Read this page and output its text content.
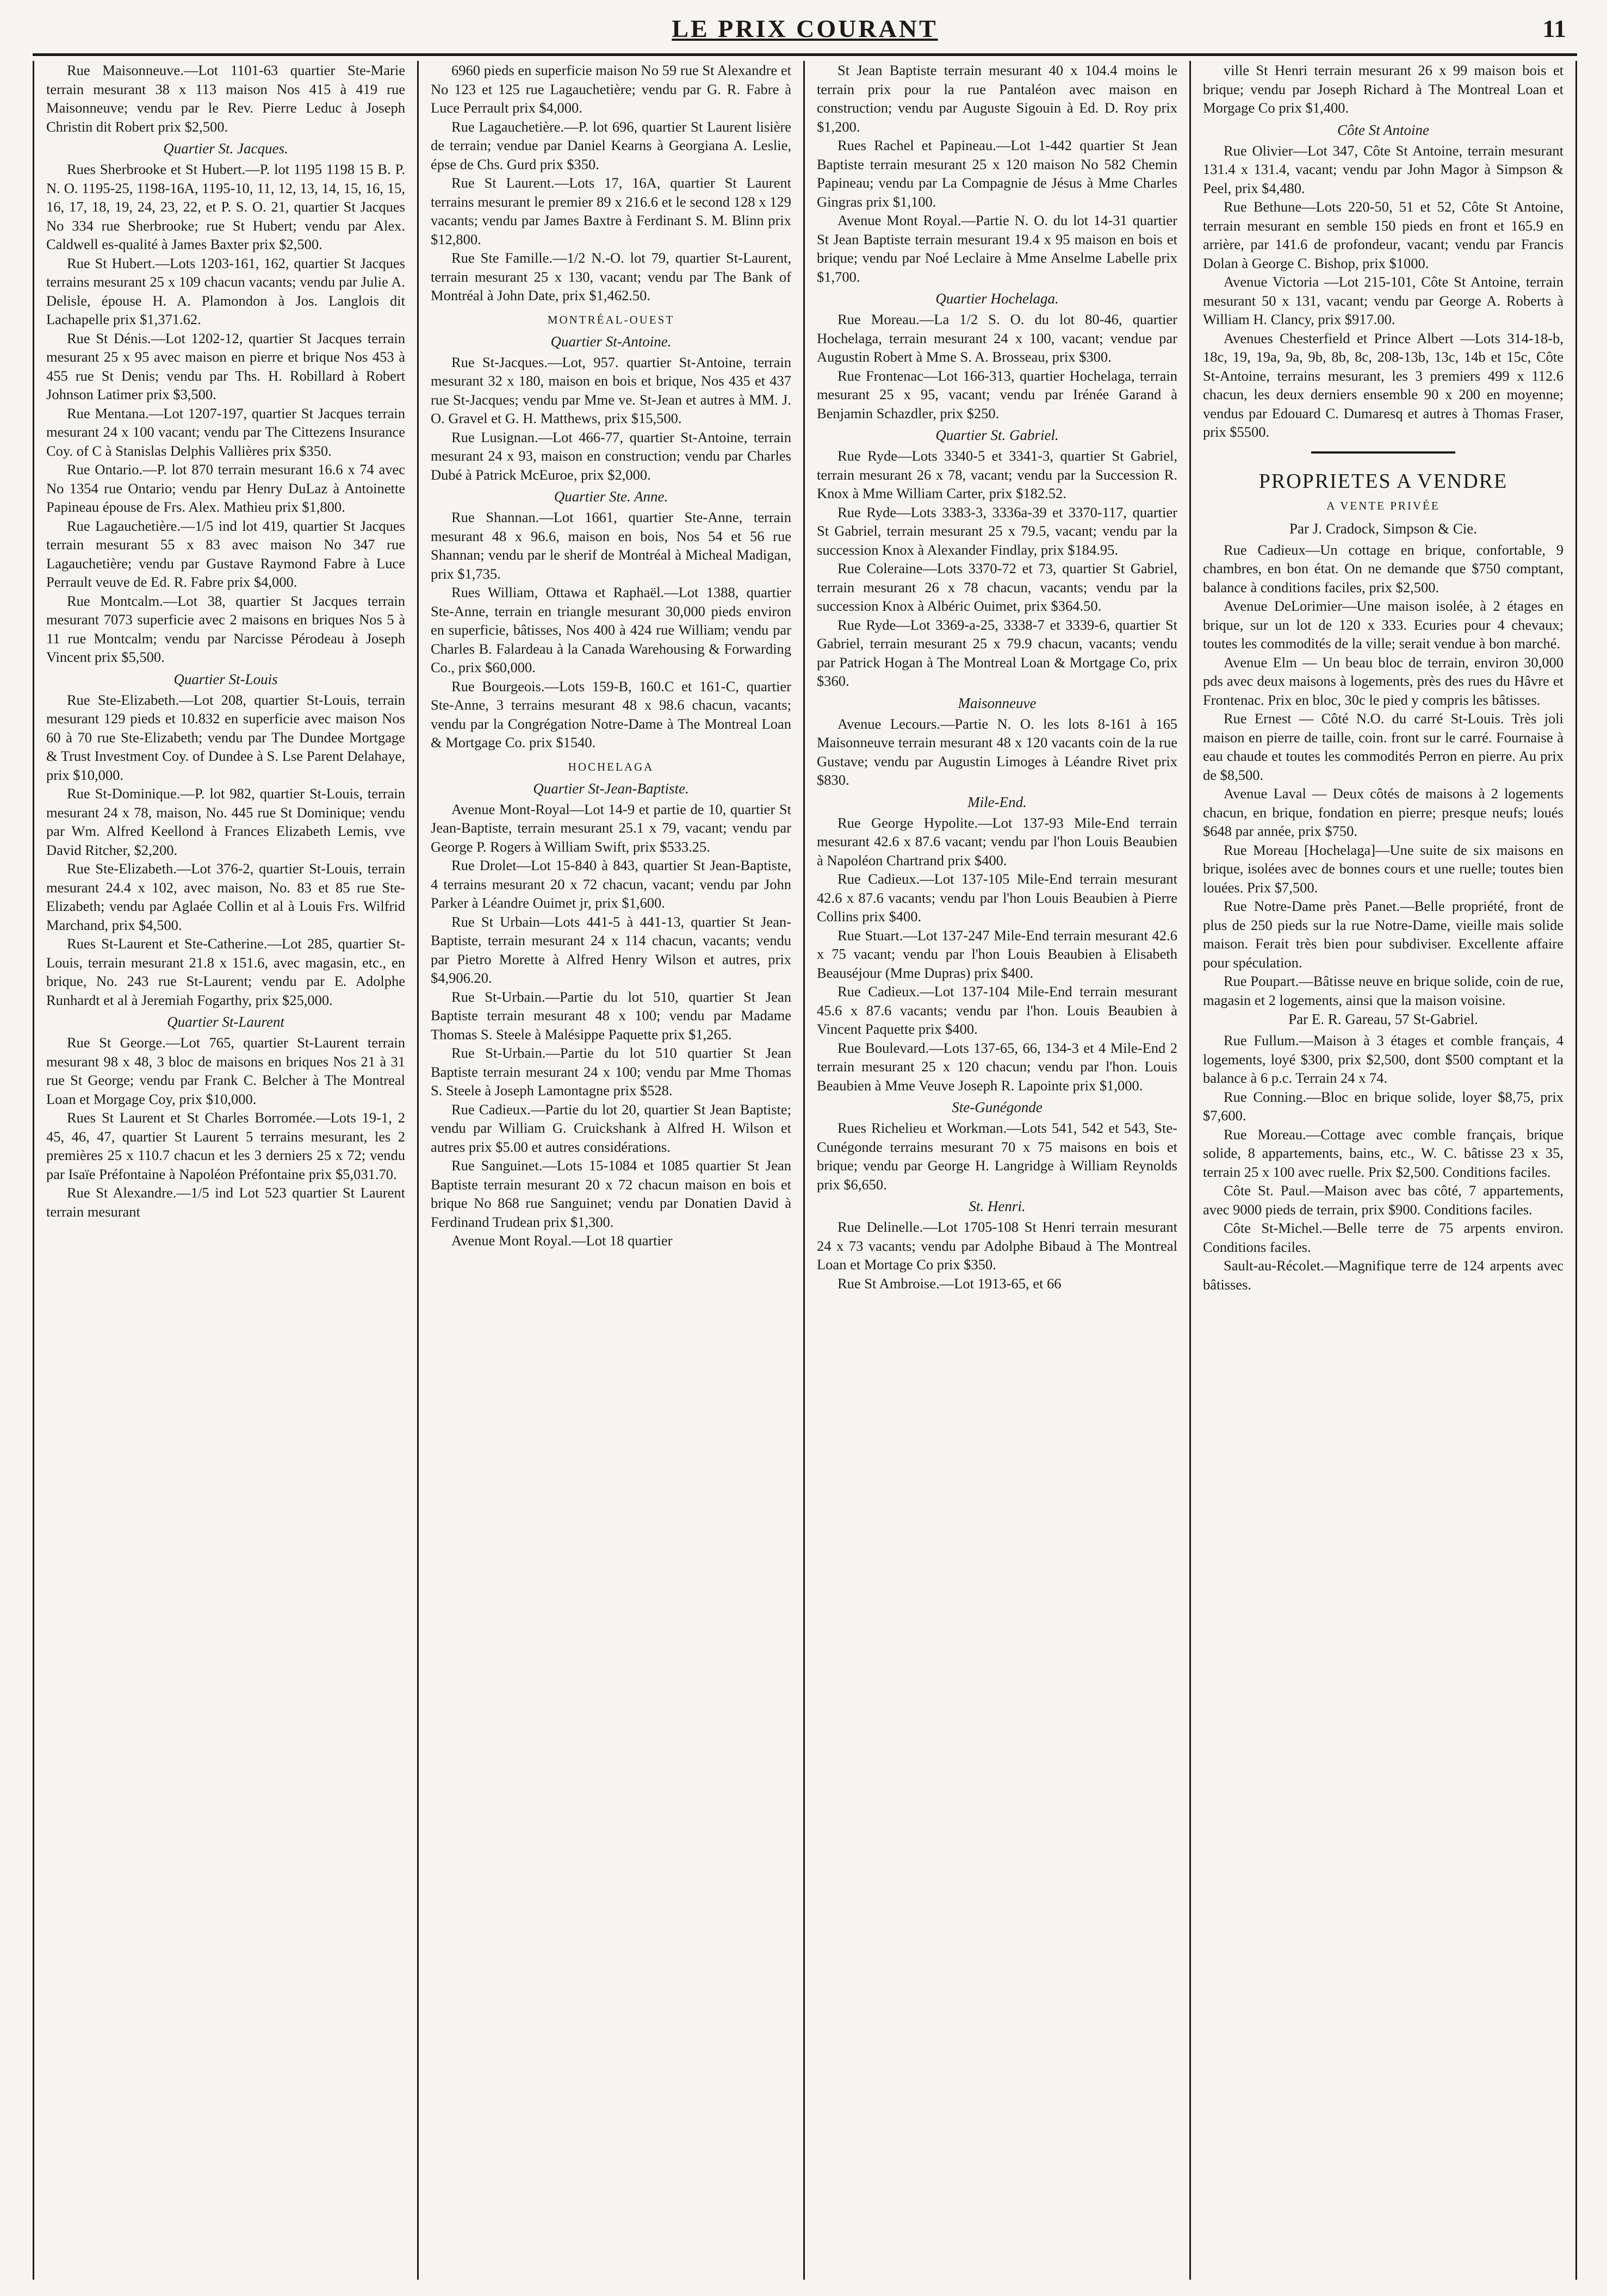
LE PRIX COURANT	11

Rue Maisonneuve.—Lot 1101-63 quartier Ste-Marie terrain mesurant 38 x 113 maison Nos 415 à 419 rue Maisonneuve; vendu par le Rev. Pierre Leduc à Joseph Christin dit Robert prix $2,500.

Quartier St. Jacques.

Rues Sherbrooke et St Hubert.—P. lot 1195 1198 15 B. P. N. O. 1195-25, 1198-16A, 1195-10, 11, 12, 13, 14, 15, 16, 15, 16, 17, 18, 19, 24, 23, 22, et P. S. O. 21, quartier St Jacques No 334 rue Sherbrooke; rue St Hubert; vendu par Alex. Caldwell es-qualité à James Baxter prix $2,500.

Rue St Hubert.—Lots 1203-161, 162, quartier St Jacques terrains mesurant 25 x 109 chacun vacants; vendu par Julie A. Delisle, épouse H. A. Plamondon à Jos. Langlois dit Lachapelle prix $1,371.62.

Rue St Dénis.—Lot 1202-12, quartier St Jacques terrain mesurant 25 x 95 avec maison en pierre et brique Nos 453 à 455 rue St Denis; vendu par Ths. H. Robillard à Robert Johnson Latimer prix $3,500.

Rue Mentana.—Lot 1207-197, quartier St Jacques terrain mesurant 24 x 100 vacant; vendu par The Cittezens Insurance Coy. of C à Stanislas Delphis Vallières prix $350.

Rue Ontario.—P. lot 870 terrain mesurant 16.6 x 74 avec No 1354 rue Ontario; vendu par Henry DuLaz à Antoinette Papineau épouse de Frs. Alex. Mathieu prix $1,800.

Rue Lagauchetière.—1/5 ind lot 419, quartier St Jacques terrain mesurant 55 x 83 avec maison No 347 rue Lagauchetière; vendu par Gustave Raymond Fabre à Luce Perrault veuve de Ed. R. Fabre prix $4,000.

Rue Montcalm.—Lot 38, quartier St Jacques terrain mesurant 7073 superficie avec 2 maisons en briques Nos 5 à 11 rue Montcalm; vendu par Narcisse Pérodeau à Joseph Vincent prix $5,500.

Quartier St-Louis

Rue Ste-Elizabeth.—Lot 208, quartier St-Louis, terrain mesurant 129 pieds et 10.832 en superficie avec maison Nos 60 à 70 rue Ste-Elizabeth; vendu par The Dundee Mortgage & Trust Investment Coy. of Dundee à S. Lse Parent Delahaye, prix $10,000.

Rue St-Dominique.—P. lot 982, quartier St-Louis, terrain mesurant 24 x 78, maison, No. 445 rue St Dominique; vendu par Wm. Alfred Keellond à Frances Elizabeth Lemis, vve David Ritcher, $2,200.

Rue Ste-Elizabeth.—Lot 376-2, quartier St-Louis, terrain mesurant 24.4 x 102, avec maison, No. 83 et 85 rue Ste-Elizabeth; vendu par Aglaée Collin et al à Louis Frs. Wilfrid Marchand, prix $4,500.

Rues St-Laurent et Ste-Catherine.—Lot 285, quartier St-Louis, terrain mesurant 21.8 x 151.6, avec magasin, etc., en brique, No. 243 rue St-Laurent; vendu par E. Adolphe Runhardt et al à Jeremiah Fogarthy, prix $25,000.

Quartier St-Laurent

Rue St George.—Lot 765, quartier St-Laurent terrain mesurant 98 x 48, 3 bloc de maisons en briques Nos 21 à 31 rue St George; vendu par Frank C. Belcher à The Montreal Loan et Morgage Coy, prix $10,000.

Rues St Laurent et St Charles Borromée.—Lots 19-1, 2 45, 46, 47, quartier St Laurent 5 terrains mesurant, les 2 premières 25 x 110.7 chacun et les 3 derniers 25 x 72; vendu par Isaïe Préfontaine à Napoléon Préfontaine prix $5,031.70.

Rue St Alexandre.—1/5 ind Lot 523 quartier St Laurent terrain mesurant

6960 pieds en superficie maison No 59 rue St Alexandre et No 123 et 125 rue Lagauchetière; vendu par G. R. Fabre à Luce Perrault prix $4,000.

Rue Lagauchetière.—P. lot 696, quartier St Laurent lisière de terrain; vendue par Daniel Kearns à Georgiana A. Leslie, épse de Chs. Gurd prix $350.

Rue St Laurent.—Lots 17, 16A, quartier St Laurent terrains mesurant le premier 89 x 216.6 et le second 128 x 129 vacants; vendu par James Baxtre à Ferdinant S. M. Blinn prix $12,800.

Rue Ste Famille.—1/2 N.-O. lot 79, quartier St-Laurent, terrain mesurant 25 x 130, vacant; vendu par The Bank of Montréal à John Date, prix $1,462.50.

MONTRÉAL-OUEST
Quartier St-Antoine.

Rue St-Jacques.—Lot, 957. quartier St-Antoine, terrain mesurant 32 x 180, maison en bois et brique, Nos 435 et 437 rue St-Jacques; vendu par Mme ve. St-Jean et autres à MM. J. O. Gravel et G. H. Matthews, prix $15,500.

Rue Lusignan.—Lot 466-77, quartier St-Antoine, terrain mesurant 24 x 93, maison en construction; vendu par Charles Dubé à Patrick McEuroe, prix $2,000.

Quartier Ste. Anne.

Rue Shannan.—Lot 1661, quartier Ste-Anne, terrain mesurant 48 x 96.6, maison en bois, Nos 54 et 56 rue Shannan; vendu par le sherif de Montréal à Micheal Madigan, prix $1,735.

Rues William, Ottawa et Raphaël.—Lot 1388, quartier Ste-Anne, terrain en triangle mesurant 30,000 pieds environ en superficie, bâtisses, Nos 400 à 424 rue William; vendu par Charles B. Falardeau à la Canada Warehousing & Forwarding Co., prix $60,000.

Rue Bourgeois.—Lots 159-B, 160.C et 161-C, quartier Ste-Anne, 3 terrains mesurant 48 x 98.6 chacun, vacants; vendu par la Congrégation Notre-Dame à The Montreal Loan & Mortgage Co. prix $1540.

HOCHELAGA
Quartier St-Jean-Baptiste.

Avenue Mont-Royal—Lot 14-9 et partie de 10, quartier St Jean-Baptiste, terrain mesurant 25.1 x 79, vacant; vendu par George P. Rogers à William Swift, prix $533.25.

Rue Drolet—Lot 15-840 à 843, quartier St Jean-Baptiste, 4 terrains mesurant 20 x 72 chacun, vacant; vendu par John Parker à Léandre Ouimet jr, prix $1,600.

Rue St Urbain—Lots 441-5 à 441-13, quartier St Jean-Baptiste, terrain mesurant 24 x 114 chacun, vacants; vendu par Pietro Morette à Alfred Henry Wilson et autres, prix $4,906.20.

Rue St-Urbain.—Partie du lot 510, quartier St Jean Baptiste terrain mesurant 48 x 100; vendu par Madame Thomas S. Steele à Malésippe Paquette prix $1,265.

Rue St-Urbain.—Partie du lot 510 quartier St Jean Baptiste terrain mesurant 24 x 100; vendu par Mme Thomas S. Steele à Joseph Lamontagne prix $528.

Rue Cadieux.—Partie du lot 20, quartier St Jean Baptiste; vendu par William G. Cruickshank à Alfred H. Wilson et autres prix $5.00 et autres considérations.

Rue Sanguinet.—Lots 15-1084 et 1085 quartier St Jean Baptiste terrain mesurant 20 x 72 chacun maison en bois et brique No 868 rue Sanguinet; vendu par Donatien David à Ferdinand Trudean prix $1,300.

Avenue Mont Royal.—Lot 18 quartier

St Jean Baptiste terrain mesurant 40 x 104.4 moins le terrain prix pour la rue Pantaléon avec maison en construction; vendu par Auguste Sigouin à Ed. D. Roy prix $1,200.

Rues Rachel et Papineau.—Lot 1-442 quartier St Jean Baptiste terrain mesurant 25 x 120 maison No 582 Chemin Papineau; vendu par La Compagnie de Jésus à Mme Charles Gingras prix $1,100.

Avenue Mont Royal.—Partie N. O. du lot 14-31 quartier St Jean Baptiste terrain mesurant 19.4 x 95 maison en bois et brique; vendu par Noé Leclaire à Mme Anselme Labelle prix $1,700.

Quartier Hochelaga.

Rue Moreau.—La 1/2 S. O. du lot 80-46, quartier Hochelaga, terrain mesurant 24 x 100, vacant; vendue par Augustin Robert à Mme S. A. Brosseau, prix $300.

Rue Frontenac—Lot 166-313, quartier Hochelaga, terrain mesurant 25 x 95, vacant; vendu par Irénée Garand à Benjamin Schazdler, prix $250.

Quartier St. Gabriel.

Rue Ryde—Lots 3340-5 et 3341-3, quartier St Gabriel, terrain mesurant 26 x 78, vacant; vendu par la Succession R. Knox à Mme William Carter, prix $182.52.

Rue Ryde—Lots 3383-3, 3336a-39 et 3370-117, quartier St Gabriel, terrain mesurant 25 x 79.5, vacant; vendu par la succession Knox à Alexander Findlay, prix $184.95.

Rue Coleraine—Lots 3370-72 et 73, quartier St Gabriel, terrain mesurant 26 x 78 chacun, vacants; vendu par la succession Knox à Albéric Ouimet, prix $364.50.

Rue Ryde—Lot 3369-a-25, 3338-7 et 3339-6, quartier St Gabriel, terrain mesurant 25 x 79.9 chacun, vacants; vendu par Patrick Hogan à The Montreal Loan & Mortgage Co, prix $360.

Maisonneuve

Avenue Lecours.—Partie N. O. les lots 8-161 à 165 Maisonneuve terrain mesurant 48 x 120 vacants coin de la rue Gustave; vendu par Augustin Limoges à Léandre Rivet prix $830.

Mile-End.

Rue George Hypolite.—Lot 137-93 Mile-End terrain mesurant 42.6 x 87.6 vacant; vendu par l'hon Louis Beaubien à Napoléon Chartrand prix $400.

Rue Cadieux.—Lot 137-105 Mile-End terrain mesurant 42.6 x 87.6 vacants; vendu par l'hon Louis Beaubien à Pierre Collins prix $400.

Rue Stuart.—Lot 137-247 Mile-End terrain mesurant 42.6 x 75 vacant; vendu par l'hon Louis Beaubien à Elisabeth Beauséjour (Mme Dupras) prix $400.

Rue Cadieux.—Lot 137-104 Mile-End terrain mesurant 45.6 x 87.6 vacants; vendu par l'hon. Louis Beaubien à Vincent Paquette prix $400.

Rue Boulevard.—Lots 137-65, 66, 134-3 et 4 Mile-End 2 terrain mesurant 25 x 120 chacun; vendu par l'hon. Louis Beaubien à Mme Veuve Joseph R. Lapointe prix $1,000.

Ste-Gunégonde

Rues Richelieu et Workman.—Lots 541, 542 et 543, Ste-Cunégonde terrains mesurant 70 x 75 maisons en bois et brique; vendu par George H. Langridge à William Reynolds prix $6,650.

St. Henri.

Rue Delinelle.—Lot 1705-108 St Henri terrain mesurant 24 x 73 vacants; vendu par Adolphe Bibaud à The Montreal Loan et Mortage Co prix $350.

Rue St Ambroise.—Lot 1913-65, et 66

ville St Henri terrain mesurant 26 x 99 maison bois et brique; vendu par Joseph Richard à The Montreal Loan et Morgage Co prix $1,400.

Côte St Antoine

Rue Olivier—Lot 347, Côte St Antoine, terrain mesurant 131.4 x 131.4, vacant; vendu par John Magor à Simpson & Peel, prix $4,480.

Rue Bethune—Lots 220-50, 51 et 52, Côte St Antoine, terrain mesurant en semble 150 pieds en front et 165.9 en arrière, par 141.6 de profondeur, vacant; vendu par Francis Dolan à George C. Bishop, prix $1000.

Avenue Victoria —Lot 215-101, Côte St Antoine, terrain mesurant 50 x 131, vacant; vendu par George A. Roberts à William H. Clancy, prix $917.00.

Avenues Chesterfield et Prince Albert —Lots 314-18-b, 18c, 19, 19a, 9a, 9b, 8b, 8c, 208-13b, 13c, 14b et 15c, Côte St-Antoine, terrains mesurant, les 3 premiers 499 x 112.6 chacun, les deux derniers ensemble 90 x 200 en moyenne; vendus par Edouard C. Dumaresq et autres à Thomas Fraser, prix $5500.

PROPRIETES A VENDRE
A VENTE PRIVÉE
Par J. Cradock, Simpson & Cie.

Rue Cadieux—Un cottage en brique, confortable, 9 chambres, en bon état. On ne demande que $750 comptant, balance à conditions faciles, prix $2,500.

Avenue DeLorimier—Une maison isolée, à 2 étages en brique, sur un lot de 120 x 333. Ecuries pour 4 chevaux; toutes les commodités de la ville; serait vendue à bon marché.

Avenue Elm — Un beau bloc de terrain, environ 30,000 pds avec deux maisons à logements, près des rues du Hâvre et Frontenac. Prix en bloc, 30c le pied y compris les bâtisses.

Rue Ernest — Côté N.O. du carré St-Louis. Très joli maison en pierre de taille, coin. front sur le carré. Fournaise à eau chaude et toutes les commodités Perron en pierre. Au prix de $8,500.

Avenue Laval — Deux côtés de maisons à 2 logements chacun, en brique, fondation en pierre; presque neufs; loués $648 par année, prix $750.

Rue Moreau [Hochelaga]—Une suite de six maisons en brique, isolées avec de bonnes cours et une ruelle; toutes bien louées. Prix $7,500.

Rue Notre-Dame près Panet.—Belle propriété, front de plus de 250 pieds sur la rue Notre-Dame, vieille mais solide maison. Ferait très bien pour subdiviser. Excellente affaire pour spéculation.

Rue Poupart.—Bâtisse neuve en brique solide, coin de rue, magasin et 2 logements, ainsi que la maison voisine.

Par E. R. Gareau, 57 St-Gabriel.

Rue Fullum.—Maison à 3 étages et comble français, 4 logements, loyé $300, prix $2,500, dont $500 comptant et la balance à 6 p.c. Terrain 24 x 74.

Rue Conning.—Bloc en brique solide, loyer $8,75, prix $7,600.

Rue Moreau.—Cottage avec comble français, brique solide, 8 appartements, bains, etc., W. C. bâtisse 23 x 35, terrain 25 x 100 avec ruelle. Prix $2,500. Conditions faciles.

Côte St. Paul.—Maison avec bas côté, 7 appartements, avec 9000 pieds de terrain, prix $900. Conditions faciles.

Côte St-Michel.—Belle terre de 75 arpents environ. Conditions faciles.

Sault-au-Récolet.—Magnifique terre de 124 arpents avec bâtisses.
